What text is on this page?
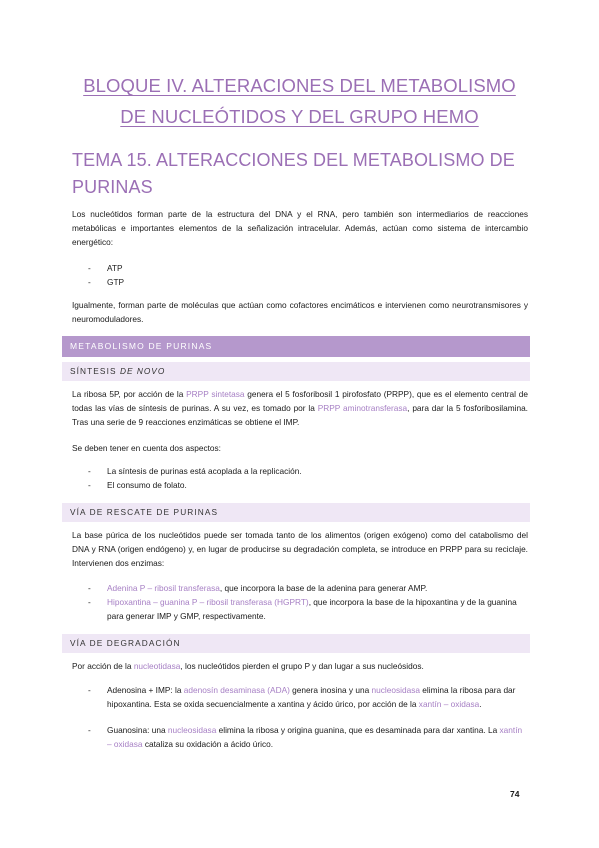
BLOQUE IV. ALTERACIONES DEL METABOLISMO
DE NUCLEÓTIDOS Y DEL GRUPO HEMO
TEMA 15. ALTERACCIONES DEL METABOLISMO DE
PURINAS
Los nucleótidos forman parte de la estructura del DNA y el RNA, pero también son intermediarios de reacciones metabólicas e importantes elementos de la señalización intracelular. Además, actúan como sistema de intercambio energético:
- ATP
- GTP
Igualmente, forman parte de moléculas que actúan como cofactores encimáticos e intervienen como neurotransmisores y neuromoduladores.
METABOLISMO DE PURINAS
SÍNTESIS DE NOVO
La ribosa 5P, por acción de la PRPP sintetasa genera el 5 fosforibosil 1 pirofosfato (PRPP), que es el elemento central de todas las vías de síntesis de purinas. A su vez, es tomado por la PRPP aminotransferasa, para dar la 5 fosforibosilamina. Tras una serie de 9 reacciones enzimáticas se obtiene el IMP.
Se deben tener en cuenta dos aspectos:
- La síntesis de purinas está acoplada a la replicación.
- El consumo de folato.
VÍA DE RESCATE DE PURINAS
La base púrica de los nucleótidos puede ser tomada tanto de los alimentos (origen exógeno) como del catabolismo del DNA y RNA (origen endógeno) y, en lugar de producirse su degradación completa, se introduce en PRPP para su reciclaje. Intervienen dos enzimas:
- Adenina P – ribosil transferasa, que incorpora la base de la adenina para generar AMP.
- Hipoxantina – guanina P – ribosil transferasa (HGPRT), que incorpora la base de la hipoxantina y de la guanina para generar IMP y GMP, respectivamente.
VÍA DE DEGRADACIÓN
Por acción de la nucleotidasa, los nucleótidos pierden el grupo P y dan lugar a sus nucleósidos.
- Adenosina + IMP: la adenosín desaminasa (ADA) genera inosina y una nucleosidasa elimina la ribosa para dar hipoxantina. Esta se oxida secuencialmente a xantina y ácido úrico, por acción de la xantín – oxidasa.
- Guanosina: una nucleosidasa elimina la ribosa y origina guanina, que es desaminada para dar xantina. La xantín – oxidasa cataliza su oxidación a ácido úrico.
74
